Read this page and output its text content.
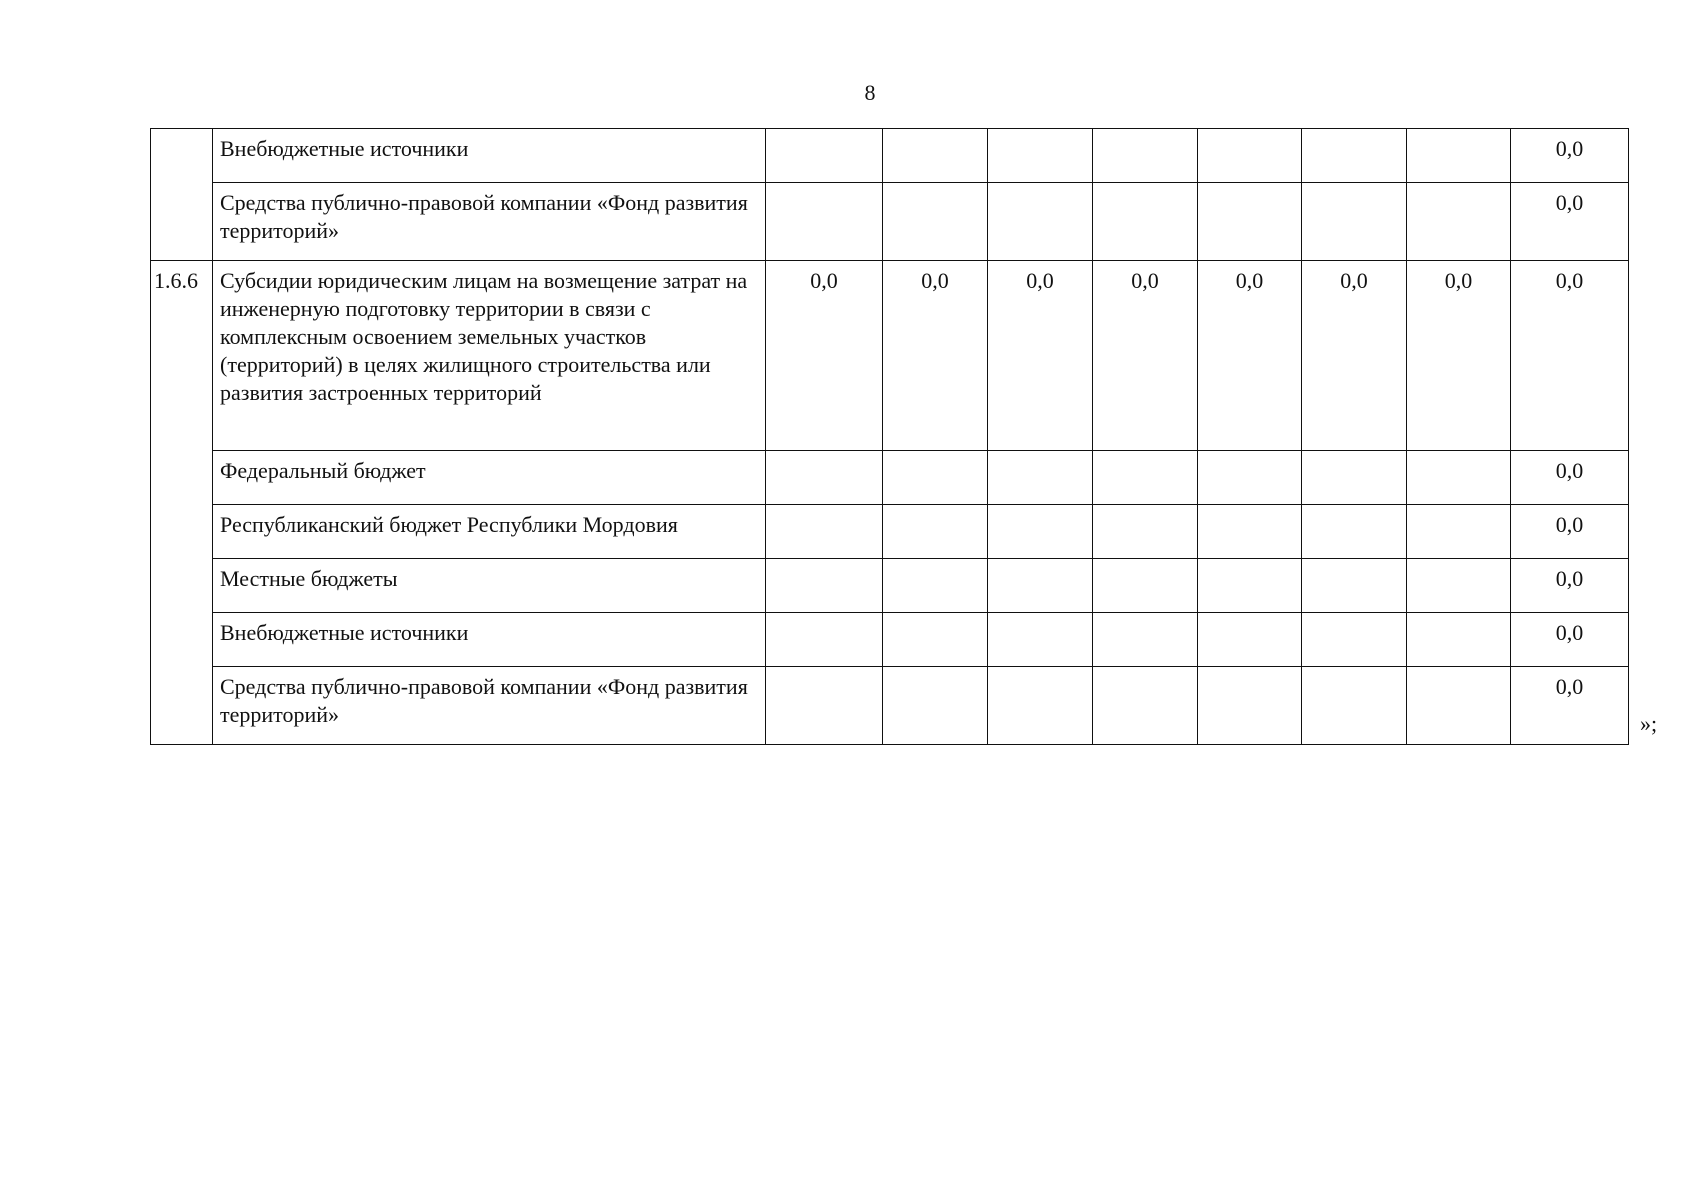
8
	Внебюджетные источники								0,0
	Средства публично-правовой компании «Фонд развития территорий»								0,0
1.6.6	Субсидии юридическим лицам на возмещение затрат на инженерную подготовку территории в связи с комплексным освоением земельных участков (территорий) в целях жилищного строительства или развития застроенных территорий	0,0	0,0	0,0	0,0	0,0	0,0	0,0	0,0
	Федеральный бюджет								0,0
	Республиканский бюджет Республики Мордовия								0,0
	Местные бюджеты								0,0
	Внебюджетные источники								0,0
	Средства публично-правовой компании «Фонд развития территорий»								0,0
»;
